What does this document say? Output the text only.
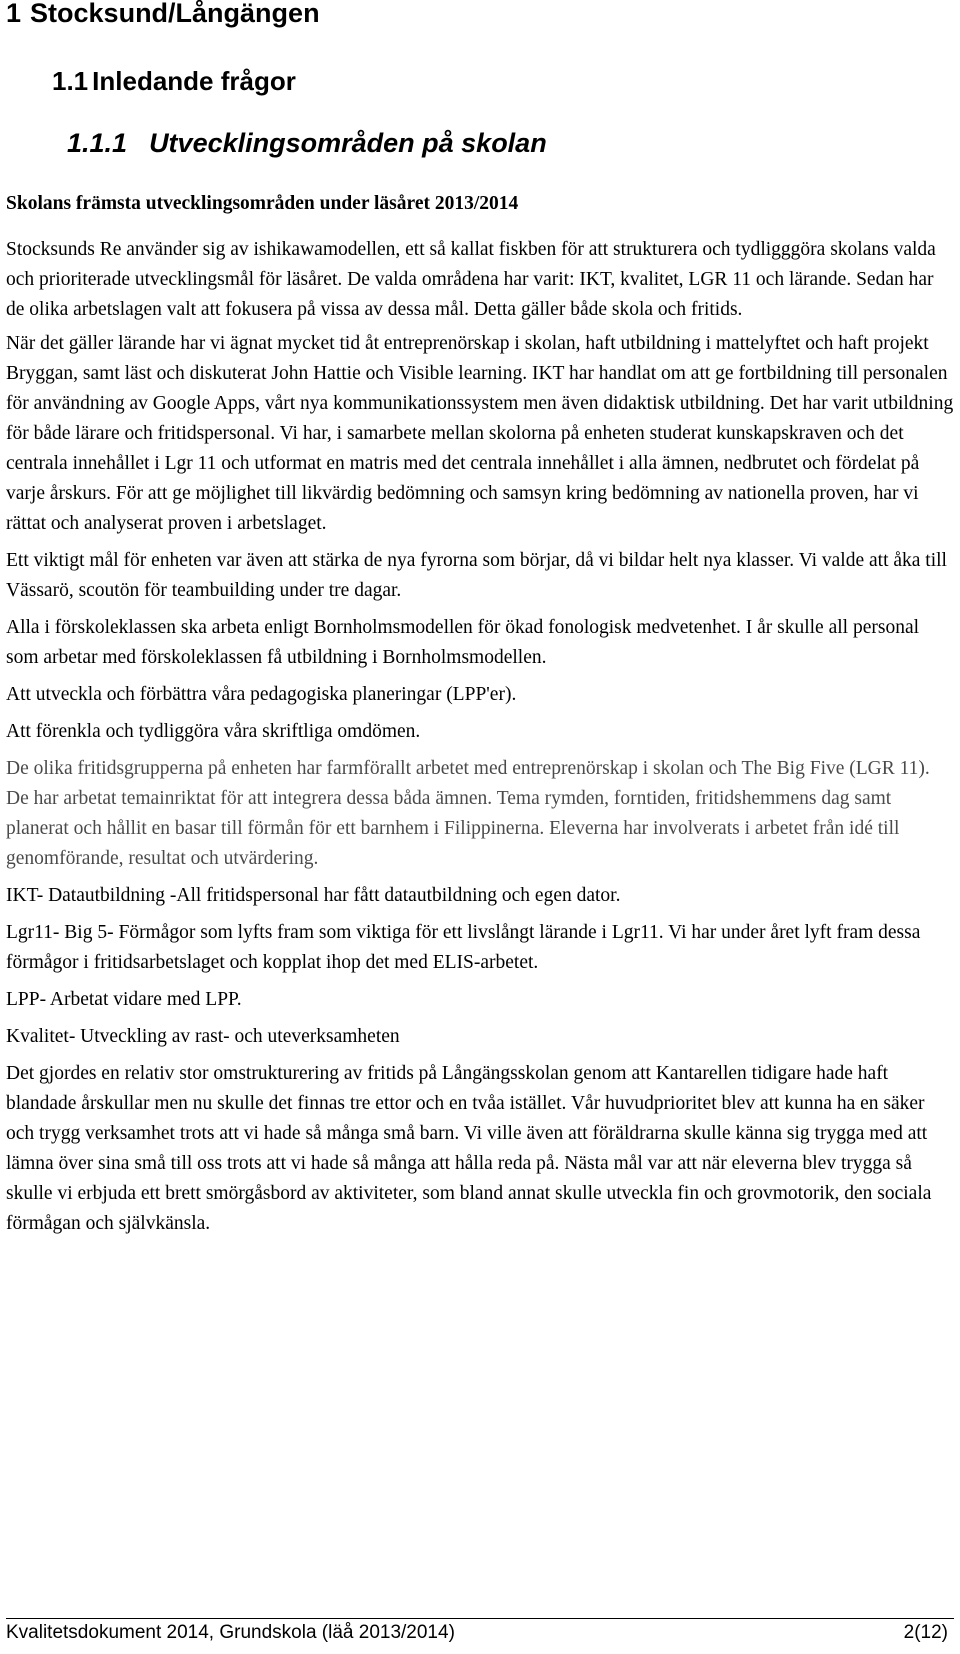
1 Stocksund/Långängen
1.1 Inledande frågor
1.1.1 Utvecklingsområden på skolan

Skolans främsta utvecklingsområden under läsåret 2013/2014

Stocksunds Re använder sig av ishikawamodellen, ett så kallat fiskben för att strukturera och tydligggöra skolans valda och prioriterade utvecklingsmål för läsåret. De valda områdena har varit: IKT, kvalitet, LGR 11 och lärande. Sedan har de olika arbetslagen valt att fokusera på vissa av dessa mål. Detta gäller både skola och fritids.

När det gäller lärande har vi ägnat mycket tid åt entreprenörskap i skolan, haft utbildning i mattelyftet och haft projekt Bryggan, samt läst och diskuterat John Hattie och Visible learning. IKT har handlat om att ge fortbildning till personalen för användning av Google Apps, vårt nya kommunikationssystem men även didaktisk utbildning. Det har varit utbildning för både lärare och fritidspersonal. Vi har, i samarbete mellan skolorna på enheten studerat kunskapskraven och det centrala innehållet i Lgr 11 och utformat en matris med det centrala innehållet i alla ämnen, nedbrutet och fördelat på varje årskurs. För att ge möjlighet till likvärdig bedömning och samsyn kring bedömning av nationella proven, har vi rättat och analyserat proven i arbetslaget.

Ett viktigt mål för enheten var även att stärka de nya fyrorna som börjar, då vi bildar helt nya klasser. Vi valde att åka till Vässarö, scoutön för teambuilding under tre dagar.

Alla i förskoleklassen ska arbeta enligt Bornholmsmodellen för ökad fonologisk medvetenhet. I år skulle all personal som arbetar med förskoleklassen få utbildning i Bornholmsmodellen.

Att utveckla och förbättra våra pedagogiska planeringar (LPP'er).

Att förenkla och tydliggöra våra skriftliga omdömen.

De olika fritidsgrupperna på enheten har farmförallt arbetet med entreprenörskap i skolan och The Big Five (LGR 11). De har arbetat temainriktat för att integrera dessa båda ämnen. Tema rymden, forntiden, fritidshemmens dag samt planerat och hållit en basar till förmån för ett barnhem i Filippinerna. Eleverna har involverats i arbetet från idé till genomförande, resultat och utvärdering.

IKT- Datautbildning -All fritidspersonal har fått datautbildning och egen dator.

Lgr11- Big 5- Förmågor som lyfts fram som viktiga för ett livslångt lärande i Lgr11. Vi har under året lyft fram dessa förmågor i fritidsarbetslaget och kopplat ihop det med ELIS-arbetet.

LPP- Arbetat vidare med LPP.

Kvalitet- Utveckling av rast- och uteverksamheten

Det gjordes en relativ stor omstrukturering av fritids på Långängsskolan genom att Kantarellen tidigare hade haft blandade årskullar men nu skulle det finnas tre ettor och en tvåa istället. Vår huvudprioritet blev att kunna ha en säker och trygg verksamhet trots att vi hade så många små barn. Vi ville även att föräldrarna skulle känna sig trygga med att lämna över sina små till oss trots att vi hade så många att hålla reda på. Nästa mål var att när eleverna blev trygga så skulle vi erbjuda ett brett smörgåsbord av aktiviteter, som bland annat skulle utveckla fin och grovmotorik, den sociala förmågan och självkänsla.

Kvalitetsdokument 2014, Grundskola (läå 2013/2014)	2(12)
